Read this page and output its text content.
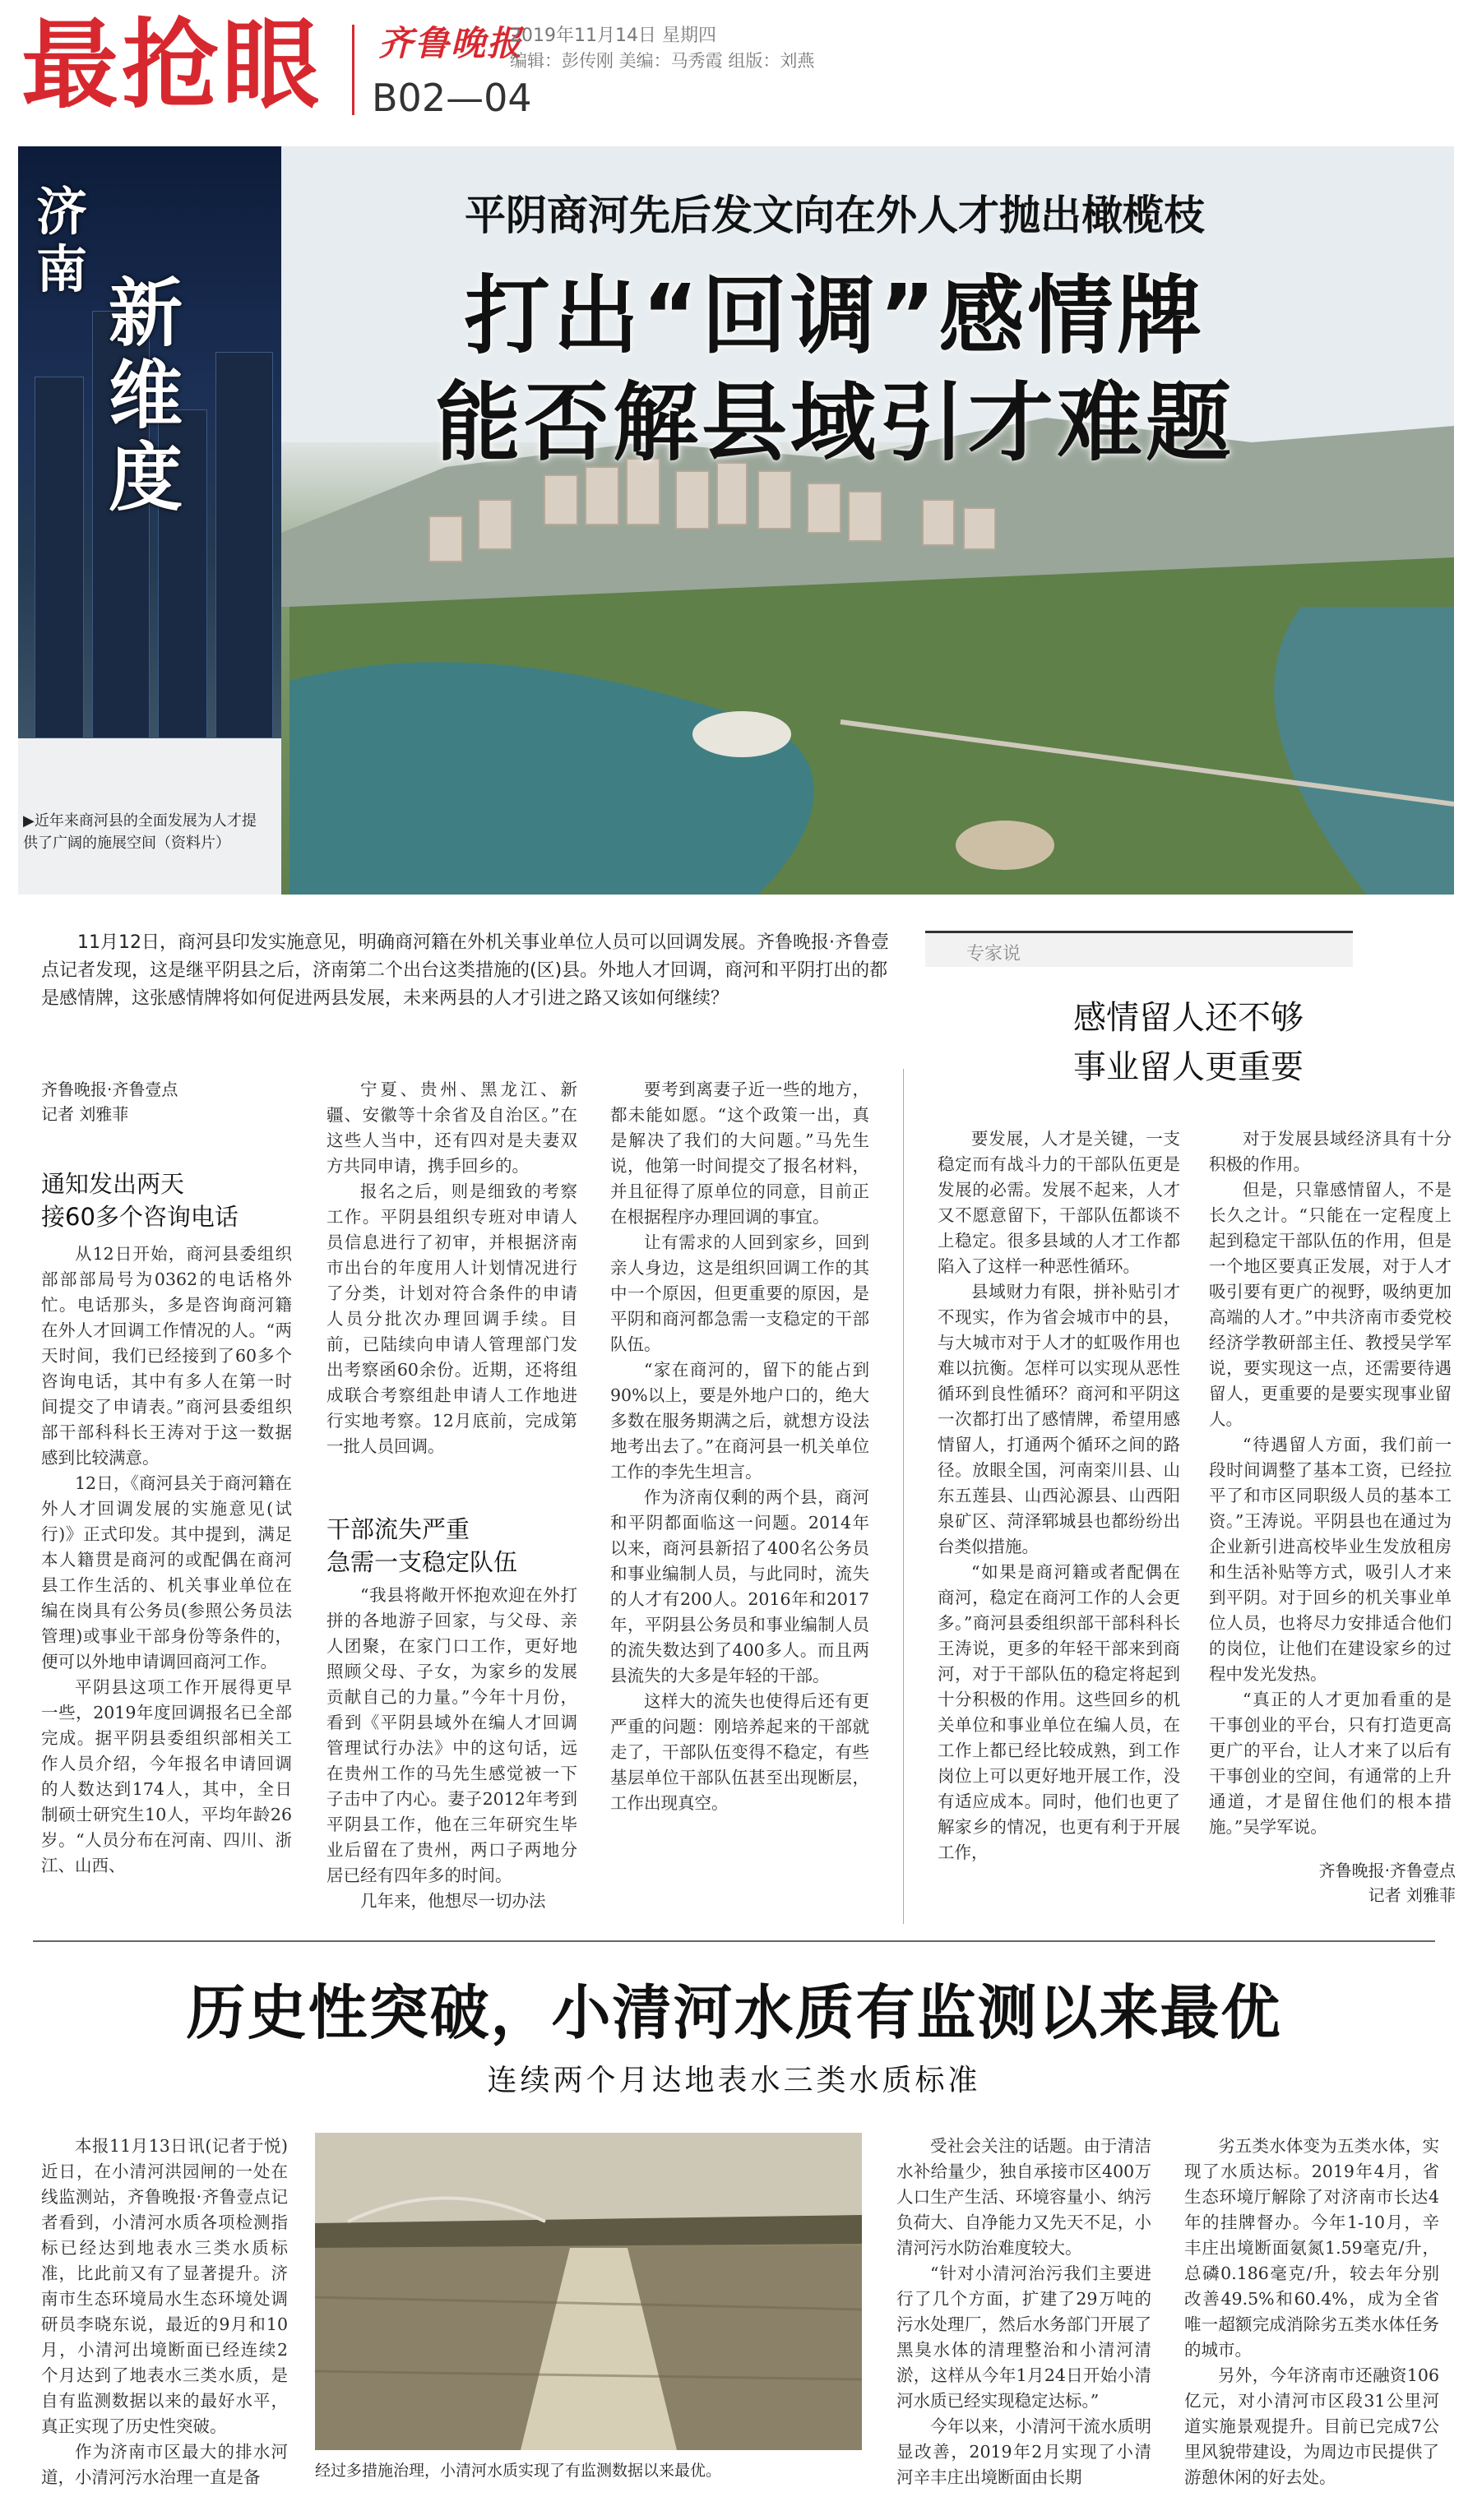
最抢眼 齐鲁晚报
2019年11月14日 星期四
编辑：彭传刚 美编：马秀霞 组版：刘燕
B02—04
济
南
新
维
度
▶近年来商河县的全面发展为人才提供了广阔的施展空间（资料片）
平阴商河先后发文向在外人才抛出橄榄枝
打出“回调”感情牌
能否解县域引才难题
11月12日，商河县印发实施意见，明确商河籍在外机关事业单位人员可以回调发展。齐鲁晚报·齐鲁壹点记者发现，这是继平阴县之后，济南第二个出台这类措施的(区)县。外地人才回调，商河和平阴打出的都是感情牌，这张感情牌将如何促进两县发展，未来两县的人才引进之路又该如何继续？
齐鲁晚报·齐鲁壹点
记者 刘雅菲
通知发出两天
接60多个咨询电话

从12日开始，商河县委组织部部部局号为0362的电话格外忙。电话那头，多是咨询商河籍在外人才回调工作情况的人。“两天时间，我们已经接到了60多个咨询电话，其中有多人在第一时间提交了申请表。”商河县委组织部干部科科长王涛对于这一数据感到比较满意。

12日，《商河县关于商河籍在外人才回调发展的实施意见(试行)》正式印发。其中提到，满足本人籍贯是商河的或配偶在商河县工作生活的、机关事业单位在编在岗具有公务员(参照公务员法管理)或事业干部身份等条件的，便可以外地申请调回商河工作。

平阴县这项工作开展得更早一些，2019年度回调报名已全部完成。据平阴县委组织部相关工作人员介绍，今年报名申请回调的人数达到174人，其中，全日制硕士研究生10人，平均年龄26岁。“人员分布在河南、四川、浙江、山西、

宁夏、贵州、黑龙江、新疆、安徽等十余省及自治区。”在这些人当中，还有四对是夫妻双方共同申请，携手回乡的。

报名之后，则是细致的考察工作。平阴县组织专班对申请人员信息进行了初审，并根据济南市出台的年度用人计划情况进行了分类，计划对符合条件的申请人员分批次办理回调手续。目前，已陆续向申请人管理部门发出考察函60余份。近期，还将组成联合考察组赴申请人工作地进行实地考察。12月底前，完成第一批人员回调。

干部流失严重
急需一支稳定队伍

“我县将敞开怀抱欢迎在外打拼的各地游子回家，与父母、亲人团聚，在家门口工作，更好地照顾父母、子女，为家乡的发展贡献自己的力量。”今年十月份，看到《平阴县域外在编人才回调管理试行办法》中的这句话，远在贵州工作的马先生感觉被一下子击中了内心。妻子2012年考到平阴县工作，他在三年研究生毕业后留在了贵州，两口子两地分居已经有四年多的时间。

几年来，他想尽一切办法

要考到离妻子近一些的地方，都未能如愿。“这个政策一出，真是解决了我们的大问题。”马先生说，他第一时间提交了报名材料，并且征得了原单位的同意，目前正在根据程序办理回调的事宜。

让有需求的人回到家乡，回到亲人身边，这是组织回调工作的其中一个原因，但更重要的原因，是平阴和商河都急需一支稳定的干部队伍。

“家在商河的，留下的能占到90%以上，要是外地户口的，绝大多数在服务期满之后，就想方设法地考出去了。”在商河县一机关单位工作的李先生坦言。

作为济南仅剩的两个县，商河和平阴都面临这一问题。2014年以来，商河县新招了400名公务员和事业编制人员，与此同时，流失的人才有200人。2016年和2017年，平阴县公务员和事业编制人员的流失数达到了400多人。而且两县流失的大多是年轻的干部。

这样大的流失也使得后还有更严重的问题：刚培养起来的干部就走了，干部队伍变得不稳定，有些基层单位干部队伍甚至出现断层，工作出现真空。

专家说
感情留人还不够
事业留人更重要

要发展，人才是关键，一支稳定而有战斗力的干部队伍更是发展的必需。发展不起来，人才又不愿意留下，干部队伍都谈不上稳定。很多县域的人才工作都陷入了这样一种恶性循环。

县域财力有限，拼补贴引才不现实，作为省会城市中的县，与大城市对于人才的虹吸作用也难以抗衡。怎样可以实现从恶性循环到良性循环？商河和平阴这一次都打出了感情牌，希望用感情留人，打通两个循环之间的路径。放眼全国，河南栾川县、山东五莲县、山西沁源县、山西阳泉矿区、菏泽郓城县也都纷纷出台类似措施。

“如果是商河籍或者配偶在商河，稳定在商河工作的人会更多。”商河县委组织部干部科科长王涛说，更多的年轻干部来到商河，对于干部队伍的稳定将起到十分积极的作用。这些回乡的机关单位和事业单位在编人员，在工作上都已经比较成熟，到工作岗位上可以更好地开展工作，没有适应成本。同时，他们也更了解家乡的情况，也更有利于开展工作，

对于发展县域经济具有十分积极的作用。

但是，只靠感情留人，不是长久之计。“只能在一定程度上起到稳定干部队伍的作用，但是一个地区要真正发展，对于人才吸引要有更广的视野，吸纳更加高端的人才。”中共济南市委党校经济学教研部主任、教授吴学军说，要实现这一点，还需要待遇留人，更重要的是要实现事业留人。

“待遇留人方面，我们前一段时间调整了基本工资，已经拉平了和市区同职级人员的基本工资。”王涛说。平阴县也在通过为企业新引进高校毕业生发放租房和生活补贴等方式，吸引人才来到平阴。对于回乡的机关事业单位人员，也将尽力安排适合他们的岗位，让他们在建设家乡的过程中发光发热。

“真正的人才更加看重的是干事创业的平台，只有打造更高更广的平台，让人才来了以后有干事创业的空间，有通常的上升通道，才是留住他们的根本措施。”吴学军说。

齐鲁晚报·齐鲁壹点
记者 刘雅菲
历史性突破，小清河水质有监测以来最优
连续两个月达地表水三类水质标准

本报11月13日讯(记者于悦) 近日，在小清河洪园闸的一处在线监测站，齐鲁晚报·齐鲁壹点记者看到，小清河水质各项检测指标已经达到地表水三类水质标准，比此前又有了显著提升。济南市生态环境局水生态环境处调研员李晓东说，最近的9月和10月，小清河出境断面已经连续2个月达到了地表水三类水质，是自有监测数据以来的最好水平，真正实现了历史性突破。

作为济南市区最大的排水河道，小清河污水治理一直是备	经过多措施治理，小清河水质实现了有监测数据以来最优。

受社会关注的话题。由于清洁水补给量少，独自承接市区400万人口生产生活、环境容量小、纳污负荷大、自净能力又先天不足，小清河污水防治难度较大。

“针对小清河治污我们主要进行了几个方面，扩建了29万吨的污水处理厂，然后水务部门开展了黑臭水体的清理整治和小清河清淤，这样从今年1月24日开始小清河水质已经实现稳定达标。”

今年以来，小清河干流水质明显改善，2019年2月实现了小清河辛丰庄出境断面由长期

劣五类水体变为五类水体，实现了水质达标。2019年4月，省生态环境厅解除了对济南市长达4年的挂牌督办。今年1-10月，辛丰庄出境断面氨氮1.59毫克/升，总磷0.186毫克/升，较去年分别改善49.5%和60.4%，成为全省唯一超额完成消除劣五类水体任务的城市。

另外，今年济南市还融资106亿元，对小清河市区段31公里河道实施景观提升。目前已完成7公里风貌带建设，为周边市民提供了游憩休闲的好去处。
